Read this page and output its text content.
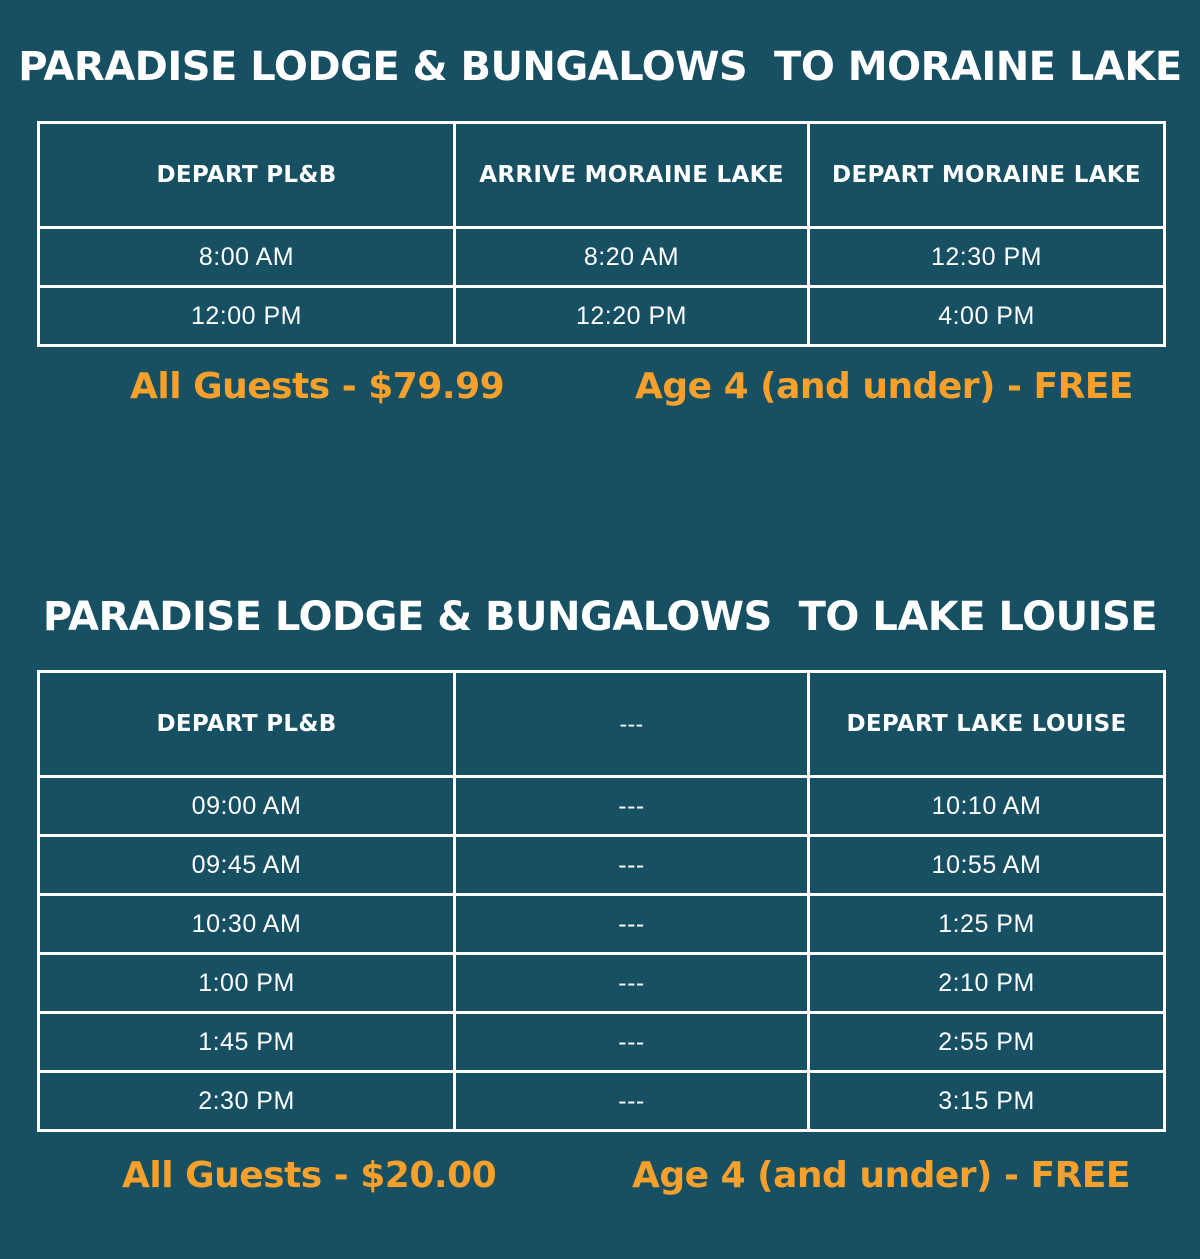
PARADISE LODGE & BUNGALOWS  TO MORAINE LAKE
DEPART PL&B	ARRIVE MORAINE LAKE	DEPART MORAINE LAKE
8:00 AM	8:20 AM	12:30 PM
12:00 PM	12:20 PM	4:00 PM
All Guests - $79.99	Age 4 (and under) - FREE
PARADISE LODGE & BUNGALOWS  TO LAKE LOUISE
DEPART PL&B	---	DEPART LAKE LOUISE
09:00 AM	---	10:10 AM
09:45 AM	---	10:55 AM
10:30 AM	---	1:25 PM
1:00 PM	---	2:10 PM
1:45 PM	---	2:55 PM
2:30 PM	---	3:15 PM
All Guests - $20.00	Age 4 (and under) - FREE
